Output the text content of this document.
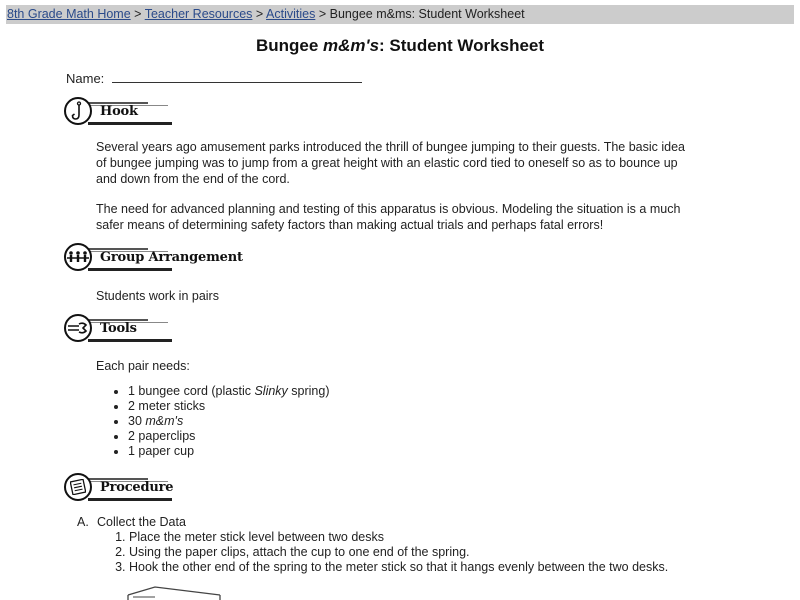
8th Grade Math Home > Teacher Resources > Activities > Bungee m&ms: Student Worksheet
Bungee m&m's: Student Worksheet
Name:
Hook
Several years ago amusement parks introduced the thrill of bungee jumping to their guests. The basic idea of bungee jumping was to jump from a great height with an elastic cord tied to oneself so as to bounce up and down from the end of the cord.
The need for advanced planning and testing of this apparatus is obvious. Modeling the situation is a much safer means of determining safety factors than making actual trials and perhaps fatal errors!
Group Arrangement
Students work in pairs
Tools
Each pair needs:
• 1 bungee cord (plastic Slinky spring)
• 2 meter sticks
• 30 m&m's
• 2 paperclips
• 1 paper cup
Procedure
A. Collect the Data
1. Place the meter stick level between two desks
2. Using the paper clips, attach the cup to one end of the spring.
3. Hook the other end of the spring to the meter stick so that it hangs evenly between the two desks.
